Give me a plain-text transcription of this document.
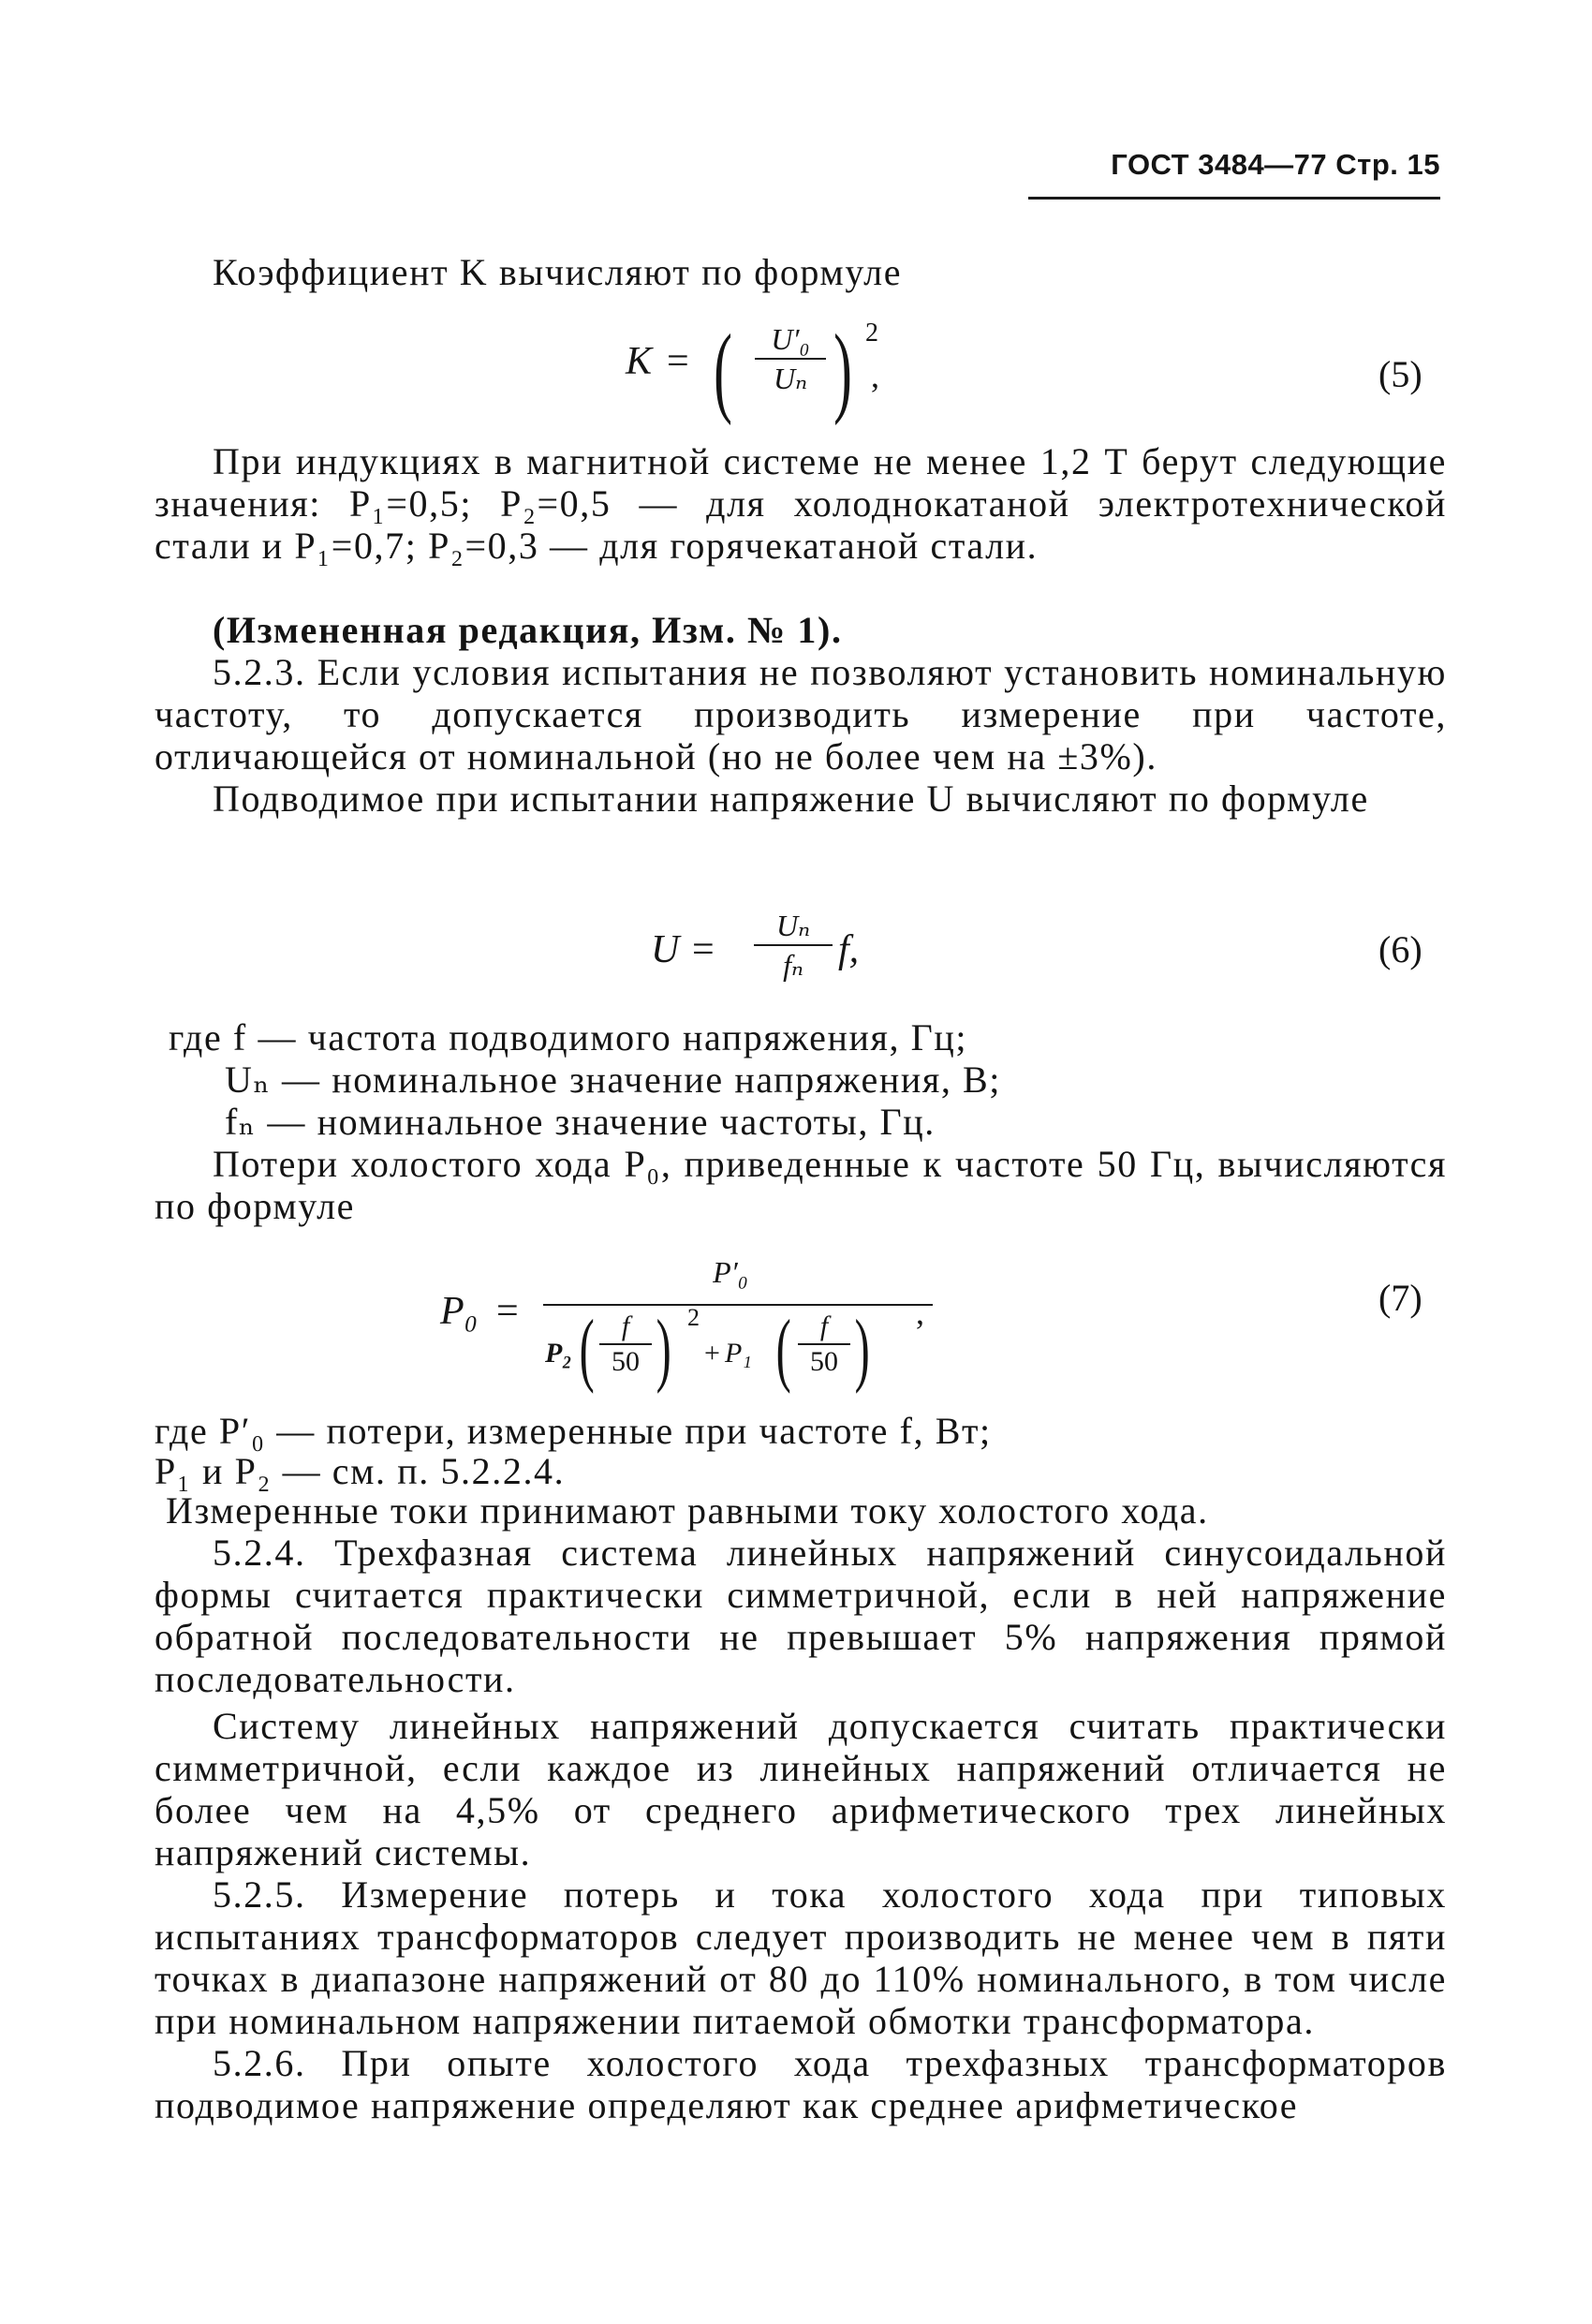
ГОСТ 3484—77 Стр. 15
Коэффициент K вычисляют по формуле
K = (	U′₀
Uₙ ) 2
,	(5)
При индукциях в магнитной системе не менее 1,2 Т берут следующие значения: P₁=0,5; P₂=0,5 — для холоднокатаной электротехнической стали и P₁=0,7; P₂=0,3 — для горячекатаной стали.
(Измененная редакция, Изм. № 1).
5.2.3. Если условия испытания не позволяют установить номинальную частоту, то допускается производить измерение при частоте, отличающейся от номинальной (но не более чем на ±3%).
Подводимое при испытании напряжение U вычисляют по формуле
U =
Uₙ
fₙ f,	(6)
где f — частота подводимого напряжения, Гц;
Uₙ — номинальное значение напряжения, В;
fₙ — номинальное значение частоты, Гц.
Потери холостого хода P₀, приведенные к частоте 50 Гц, вычисляются по формуле
P₀ =
P′₀
,
P₂ ( f
50 ) 2
+ P₁ (	f
50 )
(7)
где P′₀ — потери, измеренные при частоте f, Вт;
P₁ и P₂ — см. п. 5.2.2.4.
Измеренные токи принимают равными току холостого хода.
5.2.4. Трехфазная система линейных напряжений синусоидальной формы считается практически симметричной, если в ней напряжение обратной последовательности не превышает 5% напряжения прямой последовательности.
Систему линейных напряжений допускается считать практически симметричной, если каждое из линейных напряжений отличается не более чем на 4,5% от среднего арифметического трех линейных напряжений системы.
5.2.5. Измерение потерь и тока холостого хода при типовых испытаниях трансформаторов следует производить не менее чем в пяти точках в диапазоне напряжений от 80 до 110% номинального, в том числе при номинальном напряжении питаемой обмотки трансформатора.
5.2.6. При опыте холостого хода трехфазных трансформаторов подводимое напряжение определяют как среднее арифметическое
